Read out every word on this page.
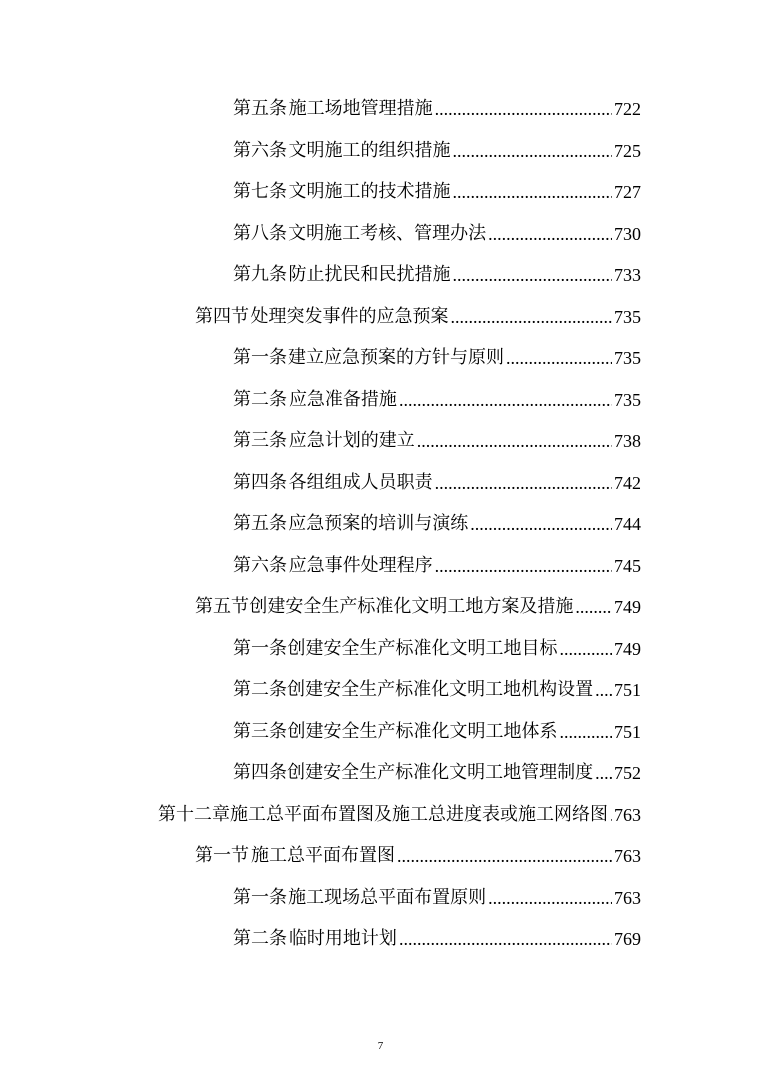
第五条 施工场地管理措施 .....	722
第六条 文明施工的组织措施 .....	725
第七条 文明施工的技术措施 .....	727
第八条 文明施工考核、管理办法 .....	730
第九条 防止扰民和民扰措施 .....	733
第四节 处理突发事件的应急预案 .....	735
第一条 建立应急预案的方针与原则 .....	735
第二条 应急准备措施 .....	735
第三条 应急计划的建立 .....	738
第四条 各组组成人员职责 .....	742
第五条 应急预案的培训与演练 .....	744
第六条 应急事件处理程序 .....	745
第五节 创建安全生产标准化文明工地方案及措施 ..... 749
第一条 创建安全生产标准化文明工地目标 .....	749
第二条 创建安全生产标准化文明工地机构设置 ..... 751
第三条 创建安全生产标准化文明工地体系 .....	751
第四条 创建安全生产标准化文明工地管理制度 ..... 752
第十二章 施工总平面布置图及施工总进度表或施工网络图 ..... 763
第一节 施工总平面布置图 .....	763
第一条 施工现场总平面布置原则 .....	763
第二条 临时用地计划 .....	769
7
